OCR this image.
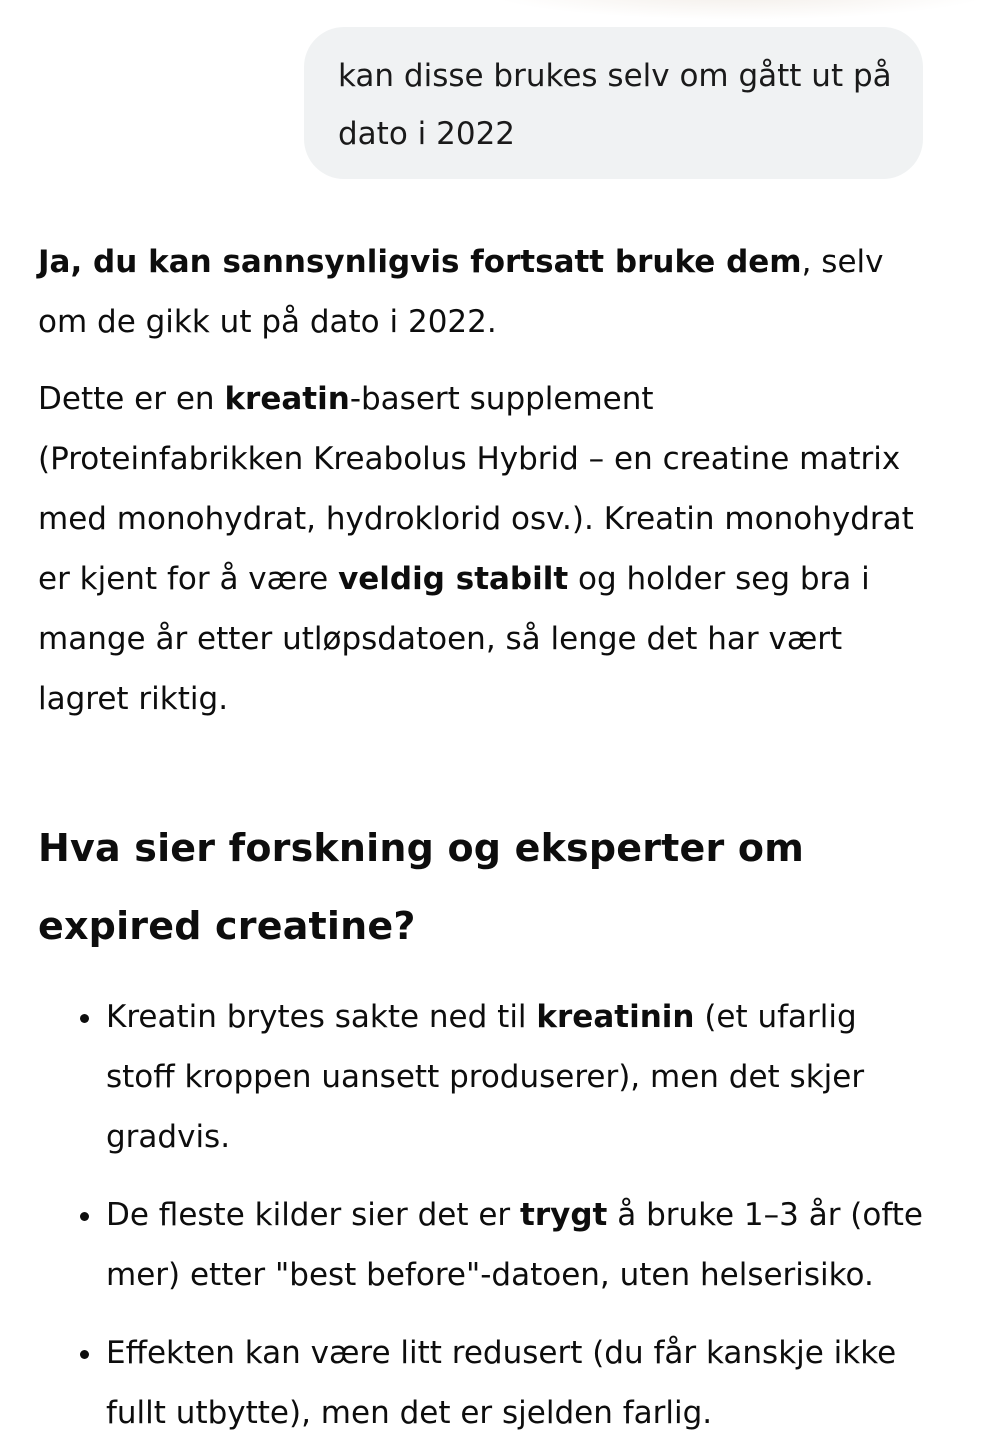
kan disse brukes selv om gått ut på dato i 2022

Ja, du kan sannsynligvis fortsatt bruke dem, selv om de gikk ut på dato i 2022.

Dette er en kreatin-basert supplement (Proteinfabrikken Kreabolus Hybrid – en creatine matrix med monohydrat, hydroklorid osv.). Kreatin monohydrat er kjent for å være veldig stabilt og holder seg bra i mange år etter utløpsdatoen, så lenge det har vært lagret riktig.

Hva sier forskning og eksperter om expired creatine?
Kreatin brytes sakte ned til kreatinin (et ufarlig stoff kroppen uansett produserer), men det skjer gradvis.
De fleste kilder sier det er trygt å bruke 1–3 år (ofte mer) etter "best before"-datoen, uten helserisiko.
Effekten kan være litt redusert (du får kanskje ikke fullt utbytte), men det er sjelden farlig.
